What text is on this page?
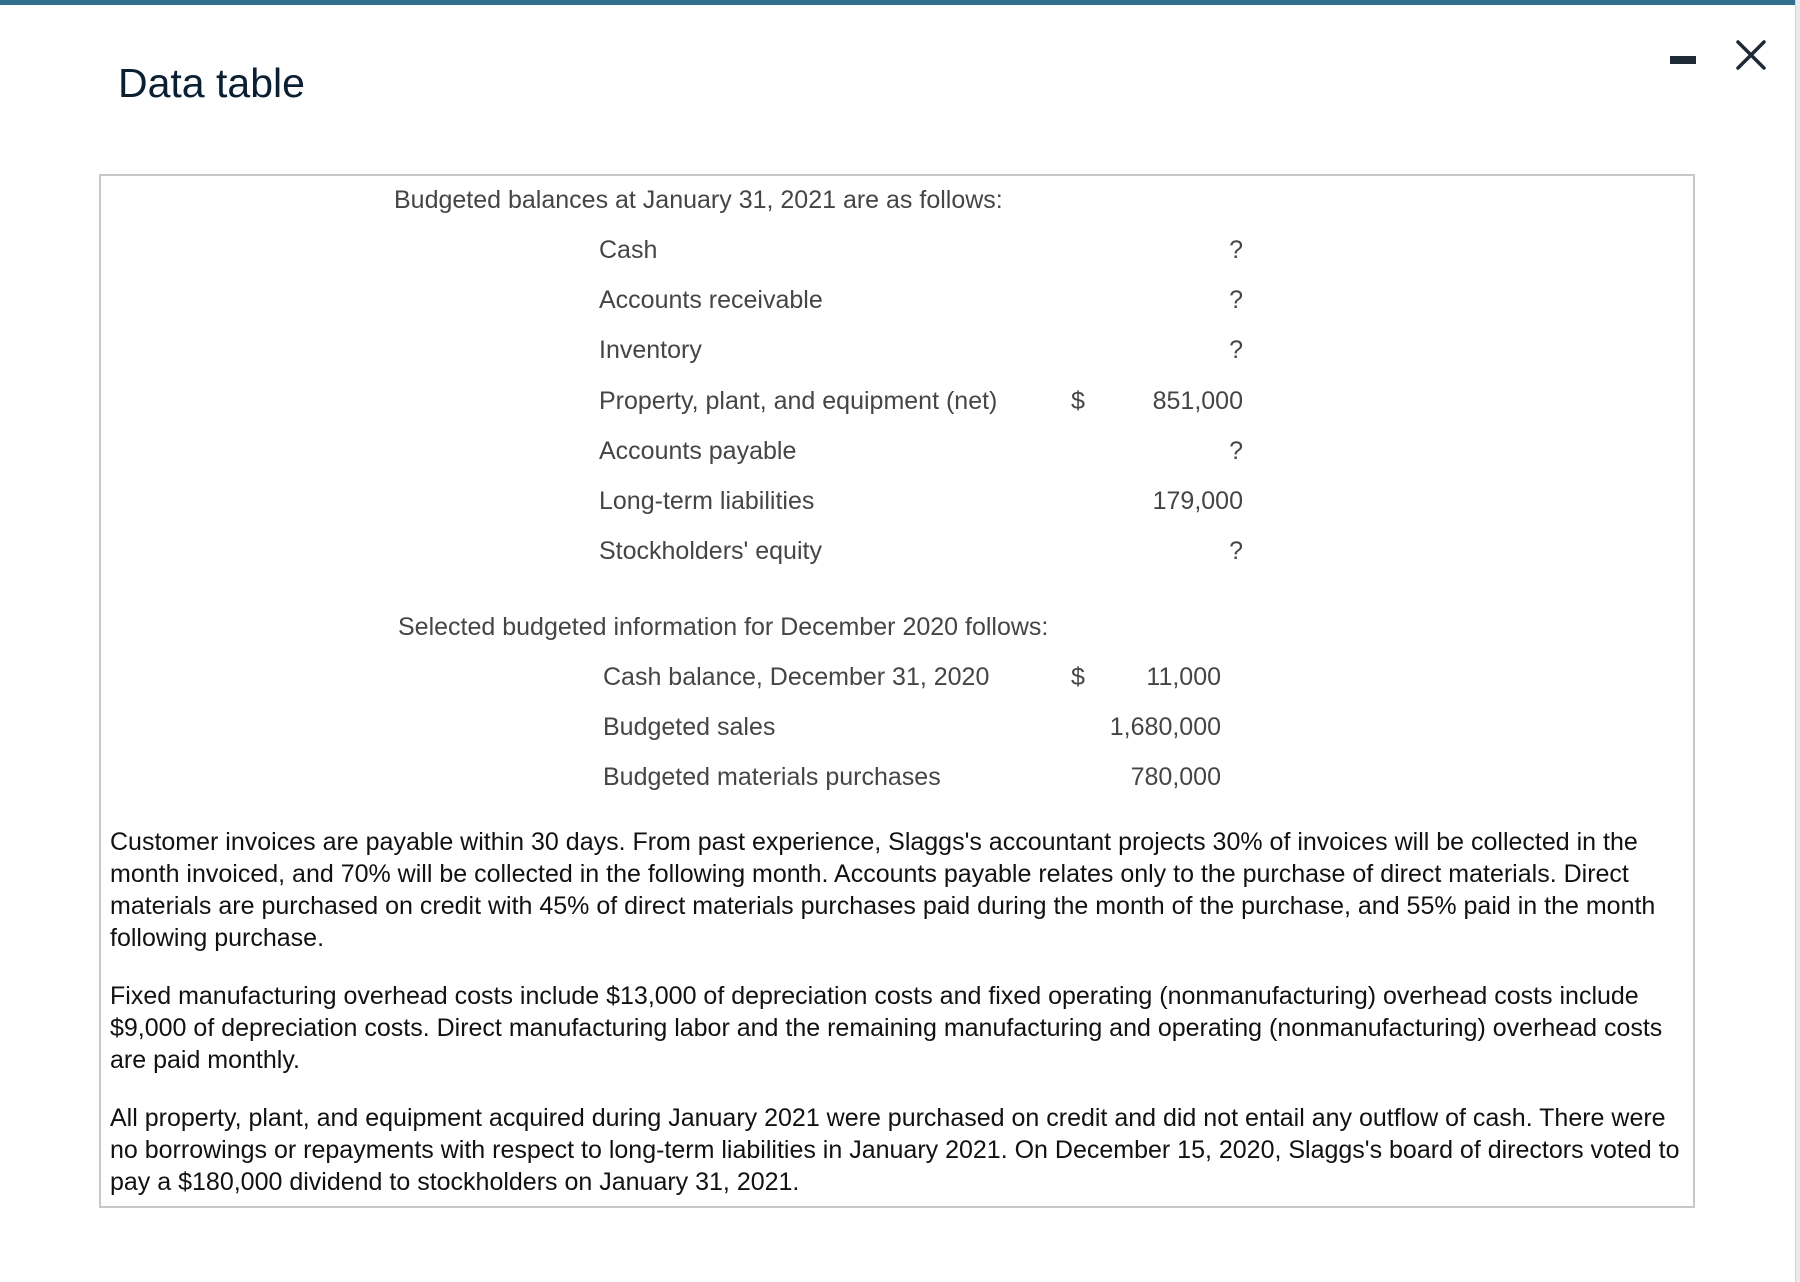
Data table
Budgeted balances at January 31, 2021 are as follows:
Cash	?
Accounts receivable	?
Inventory	?
Property, plant, and equipment (net)	$	851,000
Accounts payable	?
Long-term liabilities	179,000
Stockholders' equity	?
Selected budgeted information for December 2020 follows:
Cash balance, December 31, 2020	$ 11,000
Budgeted sales	1,680,000
Budgeted materials purchases	780,000

Customer invoices are payable within 30 days. From past experience, Slaggs's accountant projects 30% of invoices will be collected in the month invoiced, and 70% will be collected in the following month. Accounts payable relates only to the purchase of direct materials. Direct materials are purchased on credit with 45% of direct materials purchases paid during the month of the purchase, and 55% paid in the month following purchase.

Fixed manufacturing overhead costs include $13,000 of depreciation costs and fixed operating (nonmanufacturing) overhead costs include $9,000 of depreciation costs. Direct manufacturing labor and the remaining manufacturing and operating (nonmanufacturing) overhead costs are paid monthly.

All property, plant, and equipment acquired during January 2021 were purchased on credit and did not entail any outflow of cash. There were no borrowings or repayments with respect to long-term liabilities in January 2021. On December 15, 2020, Slaggs's board of directors voted to pay a $180,000 dividend to stockholders on January 31, 2021.
